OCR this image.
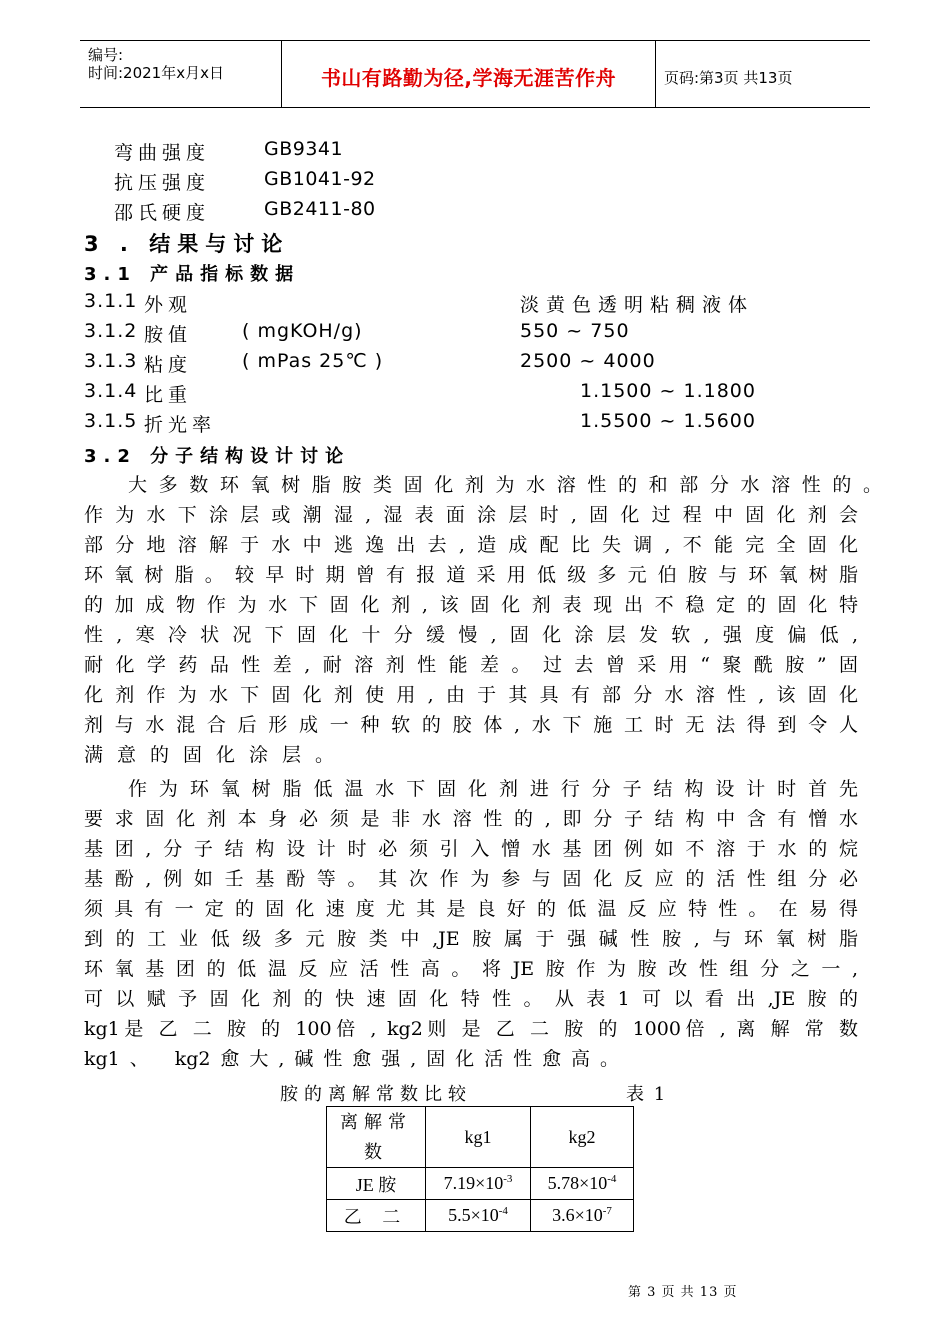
编号:
时间:2021年x月x日	书山有路勤为径,学海无涯苦作舟	页码:第3页 共13页
弯曲强度	GB9341
抗压强度	GB1041-92
邵氏硬度	GB2411-80
3 . 结果与讨论
3.1 产品指标数据
3.1.1 外观	淡黄色透明粘稠液体
3.1.2 胺值	( mgKOH/g)	550 ~ 750
3.1.3 粘度	( mPas 25℃ )	2500 ~ 4000
3.1.4 比重	1.1500 ~ 1.1800
3.1.5 折光率	1.5500 ~ 1.5600
3.2 分子结构设计讨论
大多数环氧树脂胺类固化剂为水溶性的和部分水溶性的。
作为水下涂层或潮湿,湿表面涂层时,固化过程中固化剂会
部分地溶解于水中逃逸出去,造成配比失调,不能完全固化
环氧树脂。较早时期曾有报道采用低级多元伯胺与环氧树脂
的加成物作为水下固化剂,该固化剂表现出不稳定的固化特
性,寒冷状况下固化十分缓慢,固化涂层发软,强度偏低,
耐化学药品性差,耐溶剂性能差。过去曾采用“聚酰胺”固
化剂作为水下固化剂使用,由于其具有部分水溶性,该固化
剂与水混合后形成一种软的胶体,水下施工时无法得到令人
满意的固化涂层。
作为环氧树脂低温水下固化剂进行分子结构设计时首先
要求固化剂本身必须是非水溶性的,即分子结构中含有憎水
基团,分子结构设计时必须引入憎水基团例如不溶于水的烷
基酚,例如壬基酚等。其次作为参与固化反应的活性组分必
须具有一定的固化速度尤其是良好的低温反应特性。在易得
到的工业低级多元胺类中,JE胺属于强碱性胺,与环氧树脂
环氧基团的低温反应活性高。将JE胺作为胺改性组分之一,
可以赋予固化剂的快速固化特性。从表1可以看出,JE胺的
kg1是 乙 二 胺 的 100倍 , kg2则 是 乙 二 胺 的 1000倍 , 离 解 常 数
kg1、 kg2愈大,碱性愈强,固化活性愈高。
胺的离解常数比较	表 1
离解常数	kg1	kg2
JE 胺	$7.19\times 10^{-3}$	$5.78\times 10^{-4}$
乙 二	$5.5\times 10^{-4}$	$3.6\times 10^{-7}$
第 3 页 共 13 页
